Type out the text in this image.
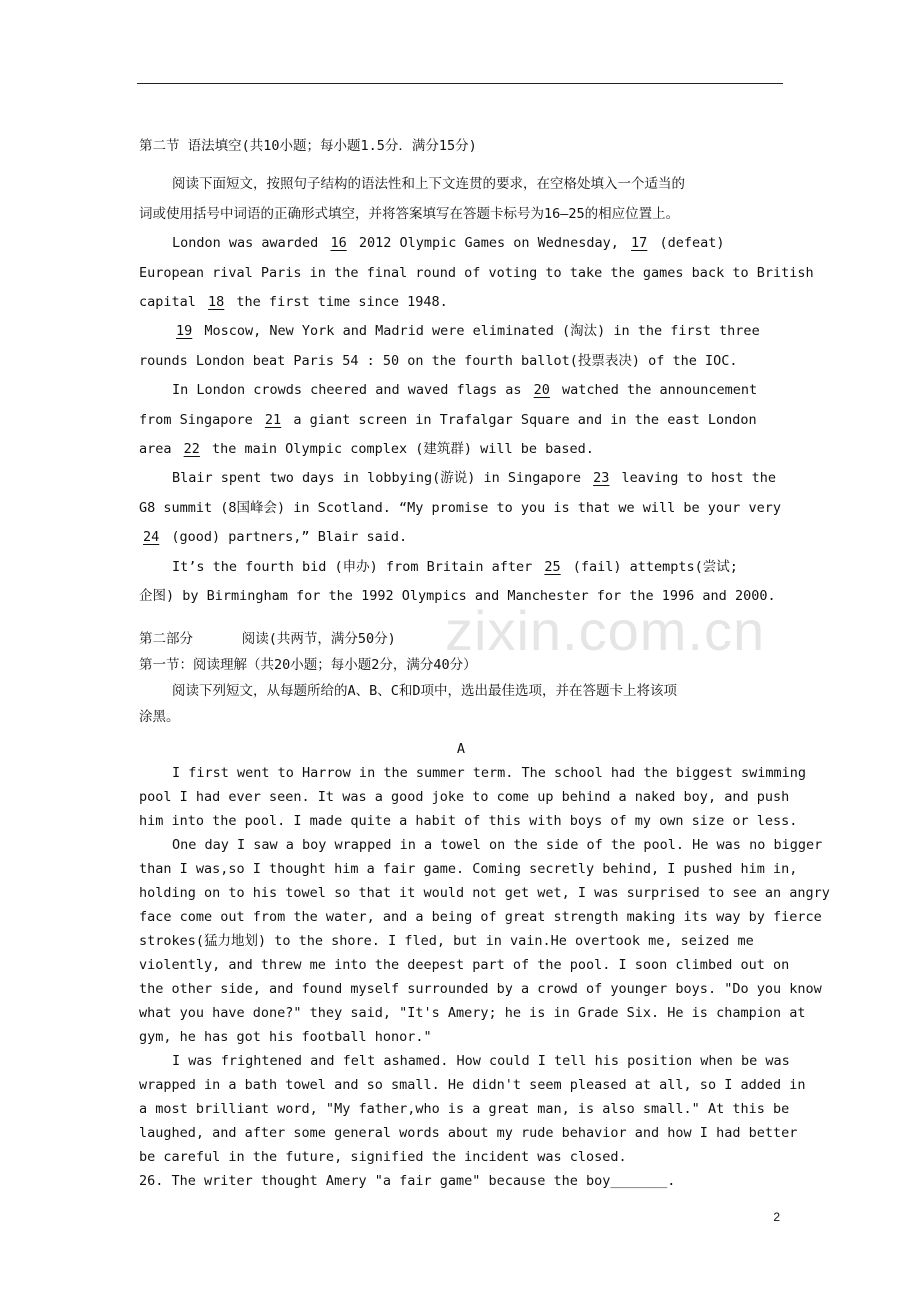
第二节 语法填空(共10小题；每小题1.5分．满分15分)
阅读下面短文，按照句子结构的语法性和上下文连贯的要求，在空格处填入一个适当的
词或使用括号中词语的正确形式填空，并将答案填写在答题卡标号为16—25的相应位置上。
London was awarded 16 2012 Olympic Games on Wednesday, 17 (defeat)
European rival Paris in the final round of voting to take the games back to British
capital 18 the first time since 1948.
19 Moscow, New York and Madrid were eliminated (淘汰) in the first three
rounds London beat Paris 54 : 50 on the fourth ballot(投票表决) of the IOC.
In London crowds cheered and waved flags as 20 watched the announcement
from Singapore 21 a giant screen in Trafalgar Square and in the east London
area 22 the main Olympic complex (建筑群) will be based.
Blair spent two days in lobbying(游说) in Singapore 23 leaving to host the
G8 summit (8国峰会) in Scotland. “My promise to you is that we will be your very
24 (good) partners,” Blair said.
It’s the fourth bid (申办) from Britain after 25 (fail) attempts(尝试;
企图) by Birmingham for the 1992 Olympics and Manchester for the 1996 and 2000.
第二部分      阅读(共两节，满分50分)
第一节：阅读理解（共20小题；每小题2分，满分40分）
阅读下列短文，从每题所给的A、B、C和D项中，选出最佳选项，并在答题卡上将该项
涂黑。
A
I first went to Harrow in the summer term. The school had the biggest swimming
pool I had ever seen. It was a good joke to come up behind a naked boy, and push
him into the pool. I made quite a habit of this with boys of my own size or less.
One day I saw a boy wrapped in a towel on the side of the pool. He was no bigger
than I was,so I thought him a fair game. Coming secretly behind, I pushed him in,
holding on to his towel so that it would not get wet, I was surprised to see an angry
face come out from the water, and a being of great strength making its way by fierce
strokes(猛力地划) to the shore. I fled, but in vain.He overtook me, seized me
violently, and threw me into the deepest part of the pool. I soon climbed out on
the other side, and found myself surrounded by a crowd of younger boys. "Do you know
what you have done?" they said, "It's Amery; he is in Grade Six. He is champion at
gym, he has got his football honor."
I was frightened and felt ashamed. How could I tell his position when be was
wrapped in a bath towel and so small. He didn't seem pleased at all, so I added in
a most brilliant word, "My father,who is a great man, is also small." At this be
laughed, and after some general words about my rude behavior and how I had better
be careful in the future, signified the incident was closed.
26. The writer thought Amery "a fair game" because the boy_______.
zixin.com.cn
2
